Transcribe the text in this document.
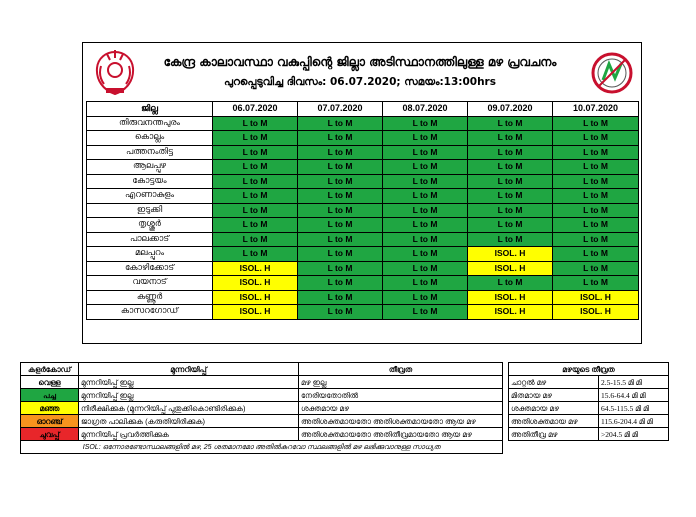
കേന്ദ്ര കാലാവസ്ഥാ വകുപ്പിന്റെ ജില്ലാ അടിസ്ഥാനത്തിലുള്ള മഴ പ്രവചനം
പുറപ്പെടുവിച്ച ദിവസം: 06.07.2020; സമയം:13:00hrs
ജില്ല	06.07.2020	07.07.2020	08.07.2020	09.07.2020	10.07.2020
തിരുവനന്തപുരം	L to M	L to M	L to M	L to M	L to M
കൊല്ലം	L to M	L to M	L to M	L to M	L to M
പത്തനംതിട്ട	L to M	L to M	L to M	L to M	L to M
ആലപ്പുഴ	L to M	L to M	L to M	L to M	L to M
കോട്ടയം	L to M	L to M	L to M	L to M	L to M
എറണാകുളം	L to M	L to M	L to M	L to M	L to M
ഇടുക്കി	L to M	L to M	L to M	L to M	L to M
തൃശ്ശൂർ	L to M	L to M	L to M	L to M	L to M
പാലക്കാട്	L to M	L to M	L to M	L to M	L to M
മലപ്പുറം	L to M	L to M	L to M	ISOL. H	L to M
കോഴിക്കോട്	ISOL. H	L to M	L to M	ISOL. H	L to M
വയനാട്	ISOL. H	L to M	L to M	L to M	L to M
കണ്ണൂർ	ISOL. H	L to M	L to M	ISOL. H	ISOL. H
കാസറഗോഡ്	ISOL. H	L to M	L to M	ISOL. H	ISOL. H
കളർകോഡ്	മുന്നറിയിപ്പ്	തീവ്രത
വെള്ള	മുന്നറിയിപ്പ് ഇല്ല	മഴ ഇല്ല
പച്ച	മുന്നറിയിപ്പ് ഇല്ല	നേരിയതോതിൽ
മഞ്ഞ	നിരീക്ഷിക്കുക (മുന്നറിയിപ്പ് പുതുക്കികൊണ്ടിരിക്കുക)	ശക്തമായ മഴ
ഓറഞ്ച്	ജാഗ്രത പാലിക്കുക (കരുതിയിരിക്കുക)	അതിശക്തമായതോ അതിശക്തമായതോ ആയ മഴ
ചുവപ്പ്	മുന്നറിയിപ്പ് പ്രവർത്തിക്കുക	അതിശക്തമായതോ അതിതീവ്രമായതോ ആയ മഴ
ISOL: ഒന്നോരണ്ടോസ്ഥലങ്ങളിൽ മഴ, 25 ശതമാനമോ അതിൽകുറവോ സ്ഥലങ്ങളിൽ മഴ ലഭിക്കുവാനുള്ള സാധ്യത		
മഴയുടെ തീവ്രത	
ചാറ്റൽ മഴ	2.5-15.5 മി മി
മിതമായ മഴ	15.6-64.4 മി മി
ശക്തമായ മഴ	64.5-115.5 മി മി
അതിശക്തമായ മഴ	115.6-204.4 മി മി
അതിതീവ്ര മഴ	>204.5 മി മി
